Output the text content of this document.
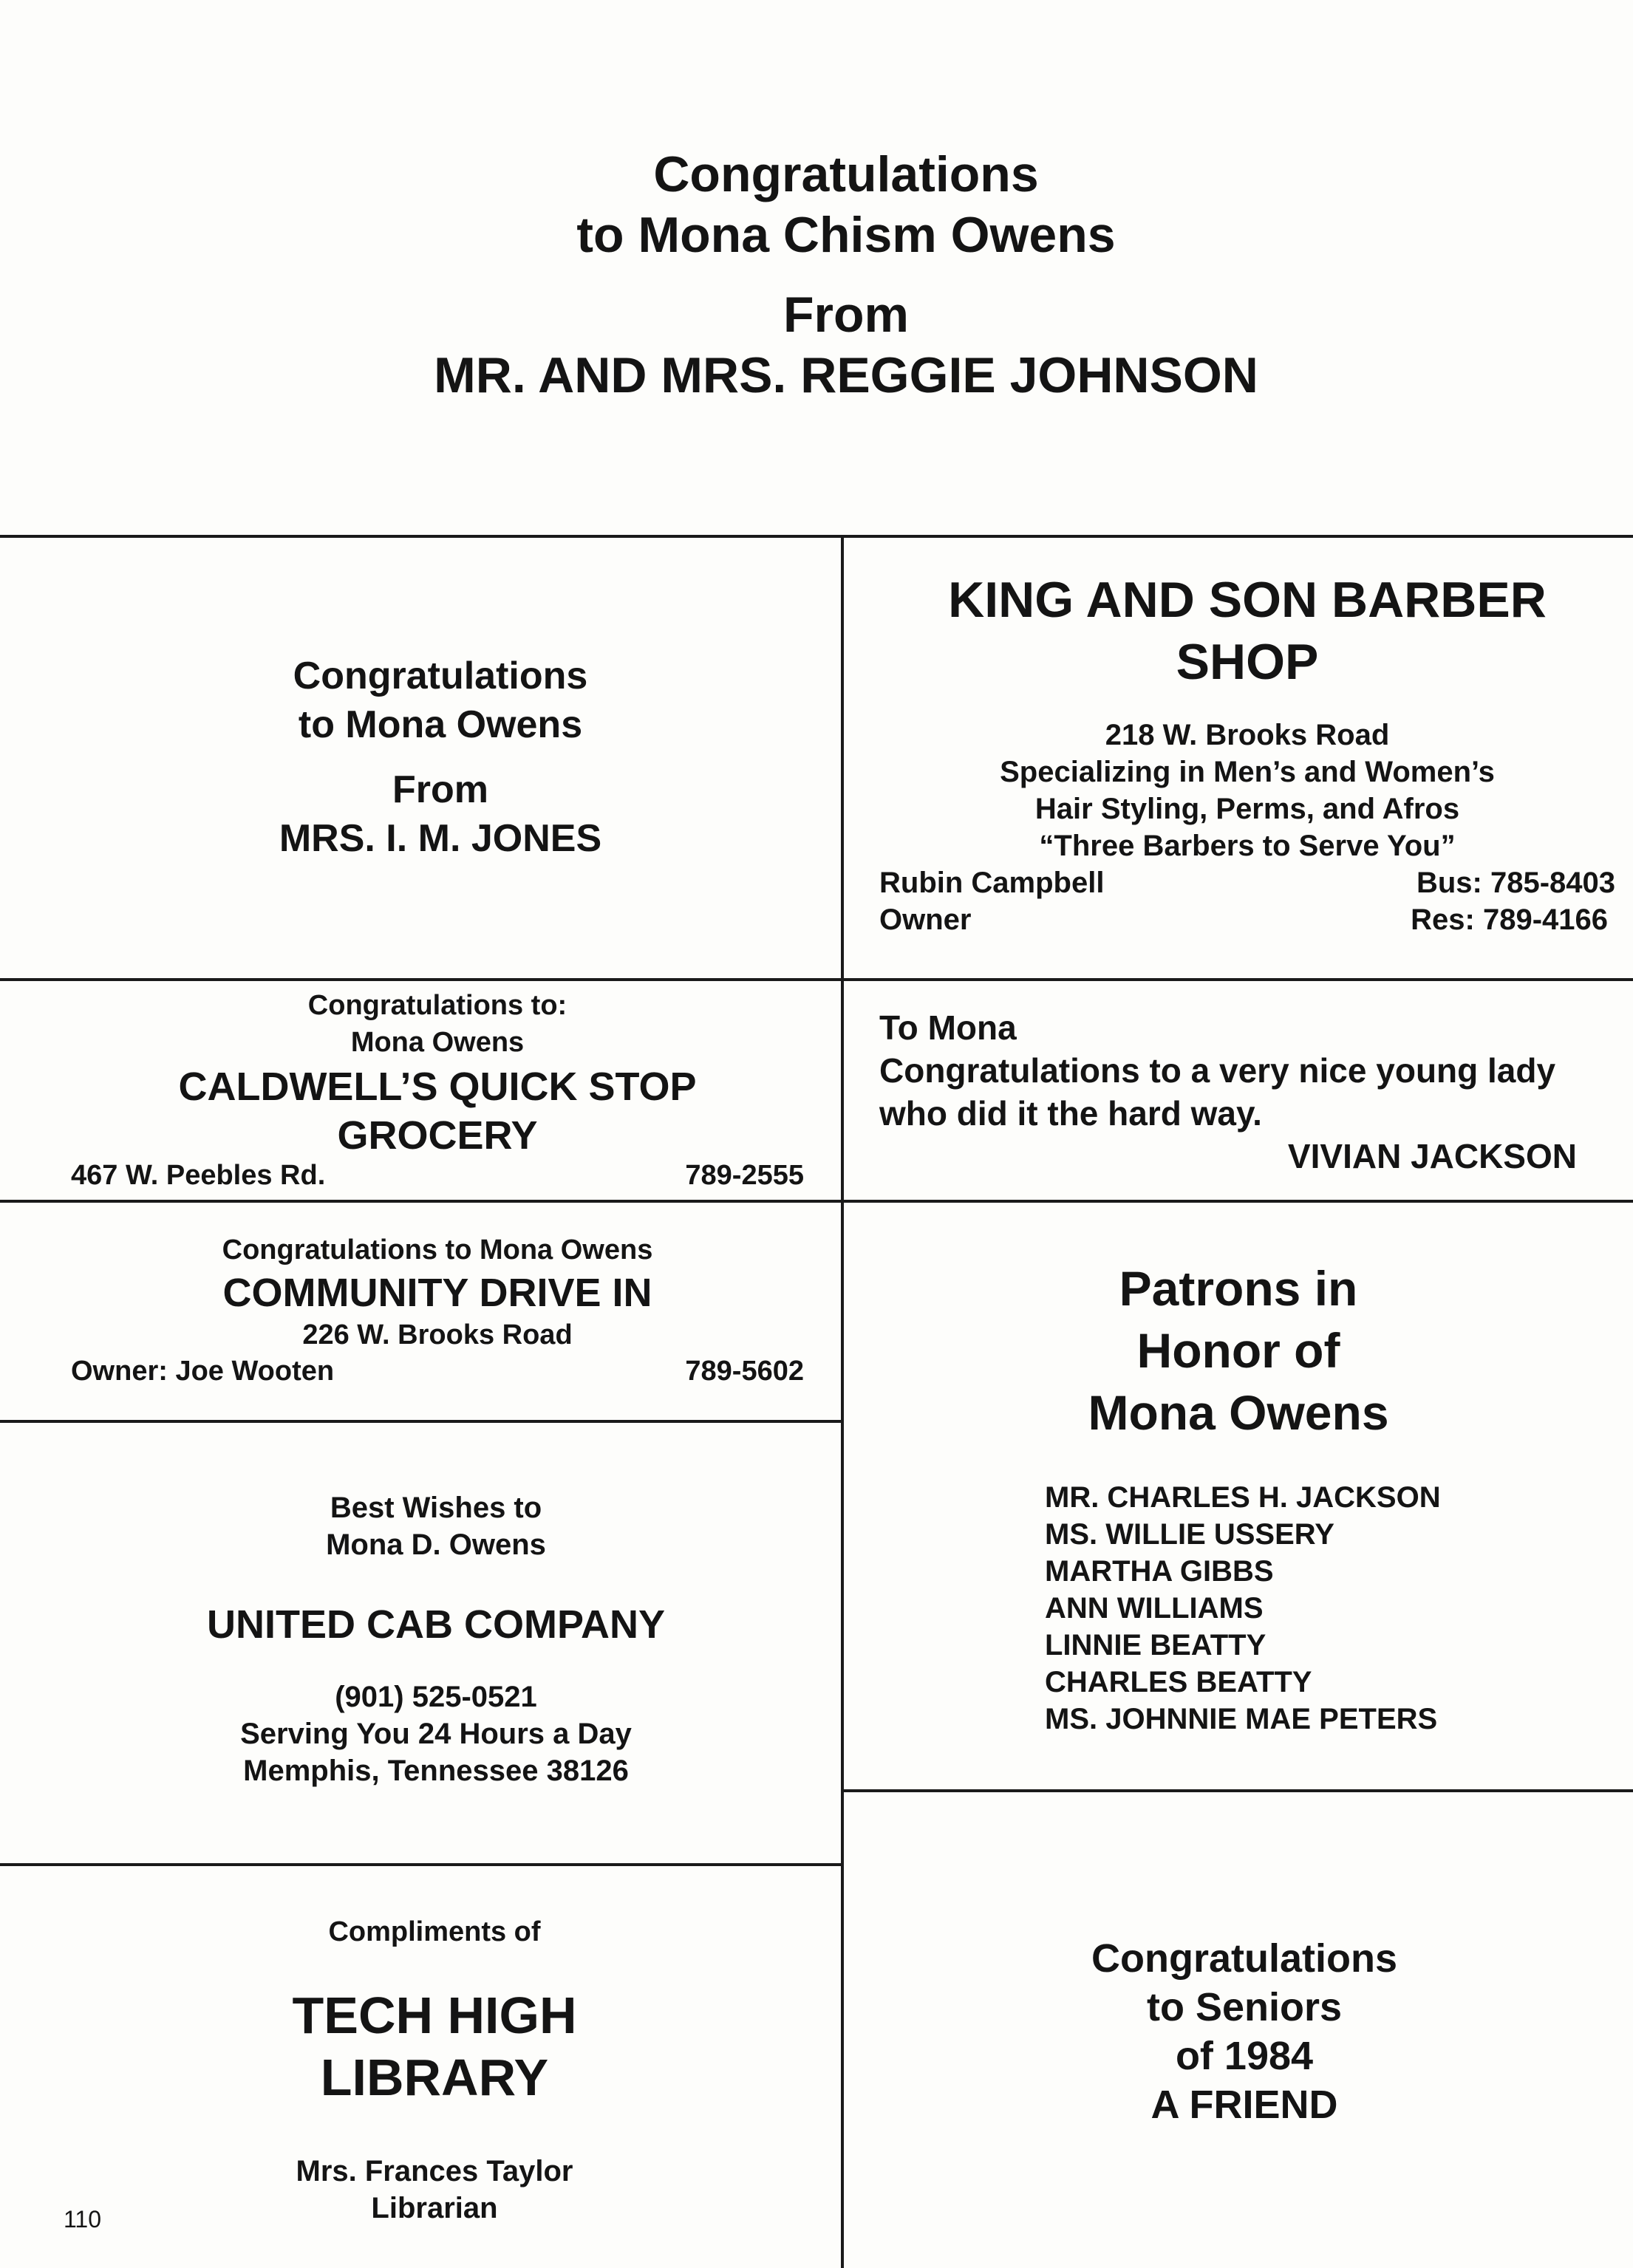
Congratulations
to Mona Chism Owens
From
MR. AND MRS. REGGIE JOHNSON
Congratulations
to Mona Owens
From
MRS. I. M. JONES
KING AND SON BARBER
SHOP
218 W. Brooks Road
Specializing in Men’s and Women’s
Hair Styling, Perms, and Afros
“Three Barbers to Serve You”
Rubin Campbell	Bus: 785-8403
Owner	Res: 789-4166
Congratulations to:
Mona Owens
CALDWELL’S QUICK STOP
GROCERY
467 W. Peebles Rd.	789-2555
To Mona
Congratulations to a very nice young lady
who did it the hard way.
VIVIAN JACKSON
Congratulations to Mona Owens
COMMUNITY DRIVE IN
226 W. Brooks Road
Owner: Joe Wooten	789-5602
Patrons in
Honor of
Mona Owens
MR. CHARLES H. JACKSON
MS. WILLIE USSERY
MARTHA GIBBS
ANN WILLIAMS
LINNIE BEATTY
CHARLES BEATTY
MS. JOHNNIE MAE PETERS
Best Wishes to
Mona D. Owens
UNITED CAB COMPANY
(901) 525-0521
Serving You 24 Hours a Day
Memphis, Tennessee 38126
Compliments of
TECH HIGH
LIBRARY
Mrs. Frances Taylor
Librarian
Congratulations
to Seniors
of 1984
A FRIEND
110
